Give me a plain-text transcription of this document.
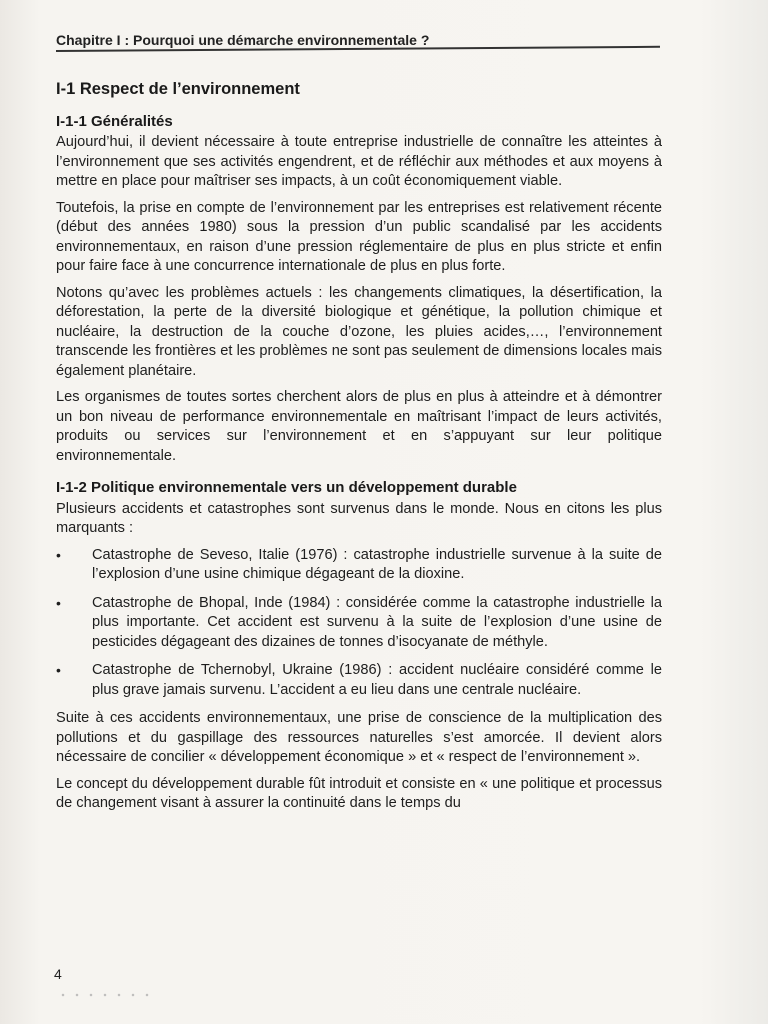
Chapitre I : Pourquoi une démarche environnementale ?
I-1 Respect de l’environnement
I-1-1 Généralités

Aujourd’hui, il devient nécessaire à toute entreprise industrielle de connaître les atteintes à l’environnement que ses activités engendrent, et de réfléchir aux méthodes et aux moyens à mettre en place pour maîtriser ses impacts, à un coût économiquement viable.

Toutefois, la prise en compte de l’environnement par les entreprises est relativement récente (début des années 1980) sous la pression d’un public scandalisé par les accidents environnementaux, en raison d’une pression réglementaire de plus en plus stricte et enfin pour faire face à une concurrence internationale de plus en plus forte.

Notons qu’avec les problèmes actuels : les changements climatiques, la désertification, la déforestation, la perte de la diversité biologique et génétique, la pollution chimique et nucléaire, la destruction de la couche d’ozone, les pluies acides,…, l’environnement transcende les frontières et les problèmes ne sont pas seulement de dimensions locales mais également planétaire.

Les organismes de toutes sortes cherchent alors de plus en plus à atteindre et à démontrer un bon niveau de performance environnementale en maîtrisant l’impact de leurs activités, produits ou services sur l’environnement et en s’appuyant sur leur politique environnementale.

I-1-2 Politique environnementale vers un développement durable

Plusieurs accidents et catastrophes sont survenus dans le monde. Nous en citons les plus marquants :

•	Catastrophe de Seveso, Italie (1976) : catastrophe industrielle survenue à la suite de l’explosion d’une usine chimique dégageant de la dioxine.
•	Catastrophe de Bhopal, Inde (1984) : considérée comme la catastrophe industrielle la plus importante. Cet accident est survenu à la suite de l’explosion d’une usine de pesticides dégageant des dizaines de tonnes d’isocyanate de méthyle.
•	Catastrophe de Tchernobyl, Ukraine (1986) : accident nucléaire considéré comme le plus grave jamais survenu. L’accident a eu lieu dans une centrale nucléaire.

Suite à ces accidents environnementaux, une prise de conscience de la multiplication des pollutions et du gaspillage des ressources naturelles s’est amorcée. Il devient alors nécessaire de concilier « développement économique » et « respect de l’environnement ».

Le concept du développement durable fût introduit et consiste en « une politique et processus de changement visant à assurer la continuité dans le temps du

4
